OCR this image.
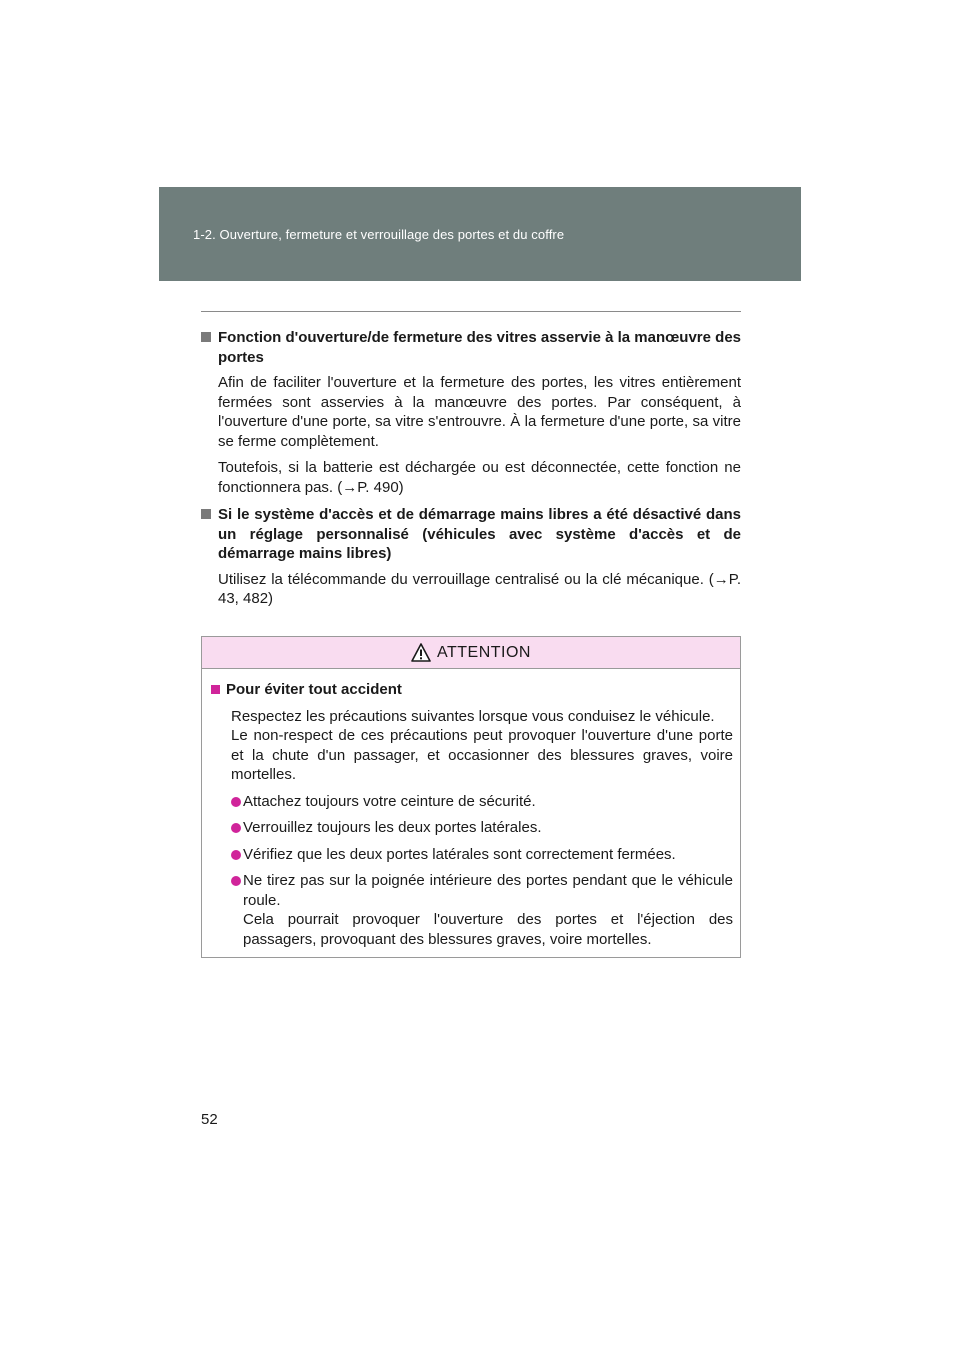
1-2. Ouverture, fermeture et verrouillage des portes et du coffre
Fonction d'ouverture/de fermeture des vitres asservie à la manœuvre des portes
Afin de faciliter l'ouverture et la fermeture des portes, les vitres entièrement fermées sont asservies à la manœuvre des portes. Par conséquent, à l'ouverture d'une porte, sa vitre s'entrouvre. À la fermeture d'une porte, sa vitre se ferme complètement.
Toutefois, si la batterie est déchargée ou est déconnectée, cette fonction ne fonctionnera pas. (→P. 490)
Si le système d'accès et de démarrage mains libres a été désactivé dans un réglage personnalisé (véhicules avec système d'accès et de démarrage mains libres)
Utilisez la télécommande du verrouillage centralisé ou la clé mécanique. (→P. 43, 482)
ATTENTION
Pour éviter tout accident
Respectez les précautions suivantes lorsque vous conduisez le véhicule.
Le non-respect de ces précautions peut provoquer l'ouverture d'une porte et la chute d'un passager, et occasionner des blessures graves, voire mortelles.
Attachez toujours votre ceinture de sécurité.
Verrouillez toujours les deux portes latérales.
Vérifiez que les deux portes latérales sont correctement fermées.
Ne tirez pas sur la poignée intérieure des portes pendant que le véhicule roule.
Cela pourrait provoquer l'ouverture des portes et l'éjection des passagers, provoquant des blessures graves, voire mortelles.
52
